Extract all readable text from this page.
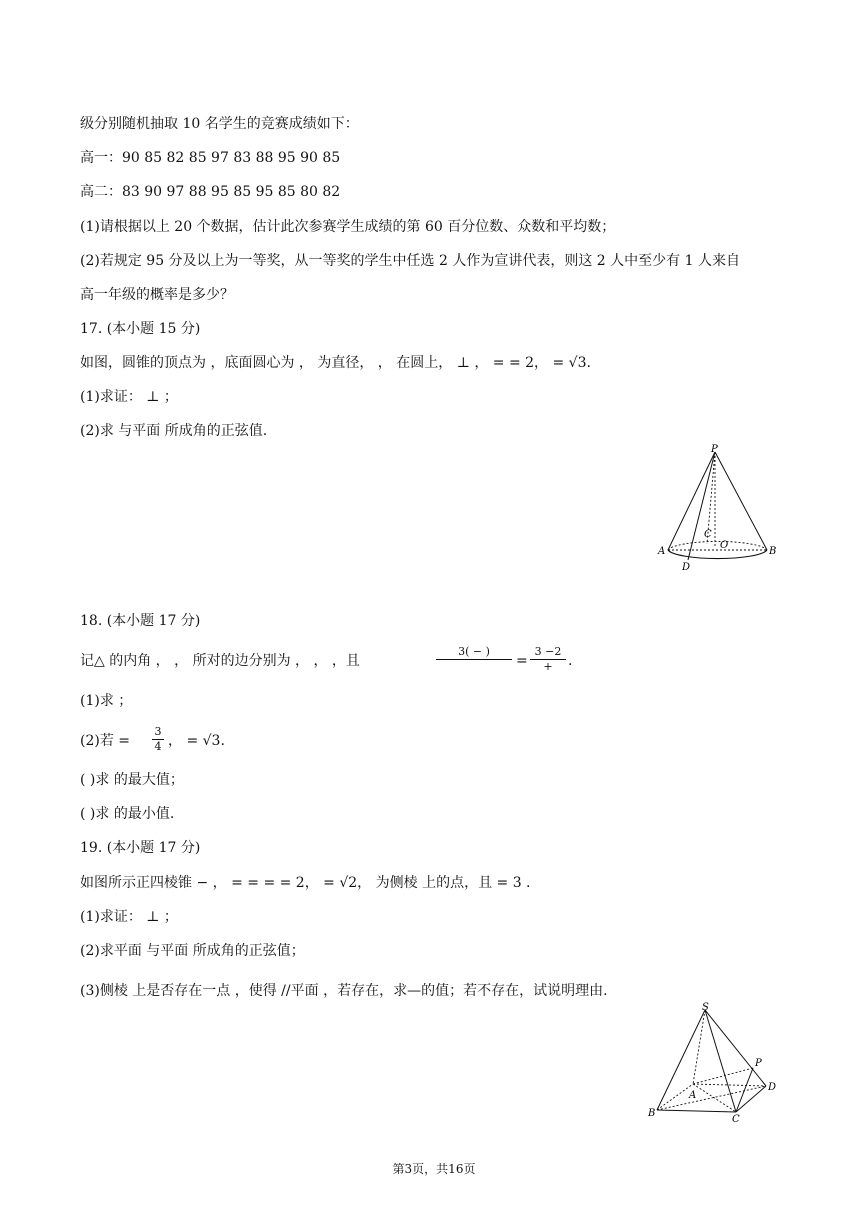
级分别随机抽取 10 名学生的竞赛成绩如下：
高一：90 85 82 85 97 83 88 95 90 85
高二：83 90 97 88 95 85 95 85 80 82
(1)请根据以上 20 个数据，估计此次参赛学生成绩的第 60 百分位数、众数和平均数；
(2)若规定 95 分及以上为一等奖，从一等奖的学生中任选 2 人作为宣讲代表，则这 2 人中至少有 1 人来自
高一年级的概率是多少？
17. (本小题 15 分)
如图，圆锥的顶点为 ，底面圆心为 ， 为直径， ， 在圆上， ⊥ ， = = 2， = √3.
(1)求证： ⊥ ；
(2)求 与平面 所成角的正弦值.
P
C
O
A	B
D
18. (本小题 17 分)
记△ 的内角 ， ， 所对的边分别为 ， ， ，且
3( − )

=
3 −2
+	.
(1)求 ；
(2)若 =
3
4 ， = √3.
( )求 的最大值；
( )求 的最小值.
19. (本小题 17 分)
如图所示正四棱锥 − ， = = = = 2， = √2， 为侧棱 上的点，且 = 3 .
(1)求证： ⊥ ；
(2)求平面 与平面 所成角的正弦值；
(3)侧棱 上是否存在一点 ，使得 //平面 ，若存在，求—的值；若不存在，试说明理由.
S
P
A
D
B
C
第3页，共16页
